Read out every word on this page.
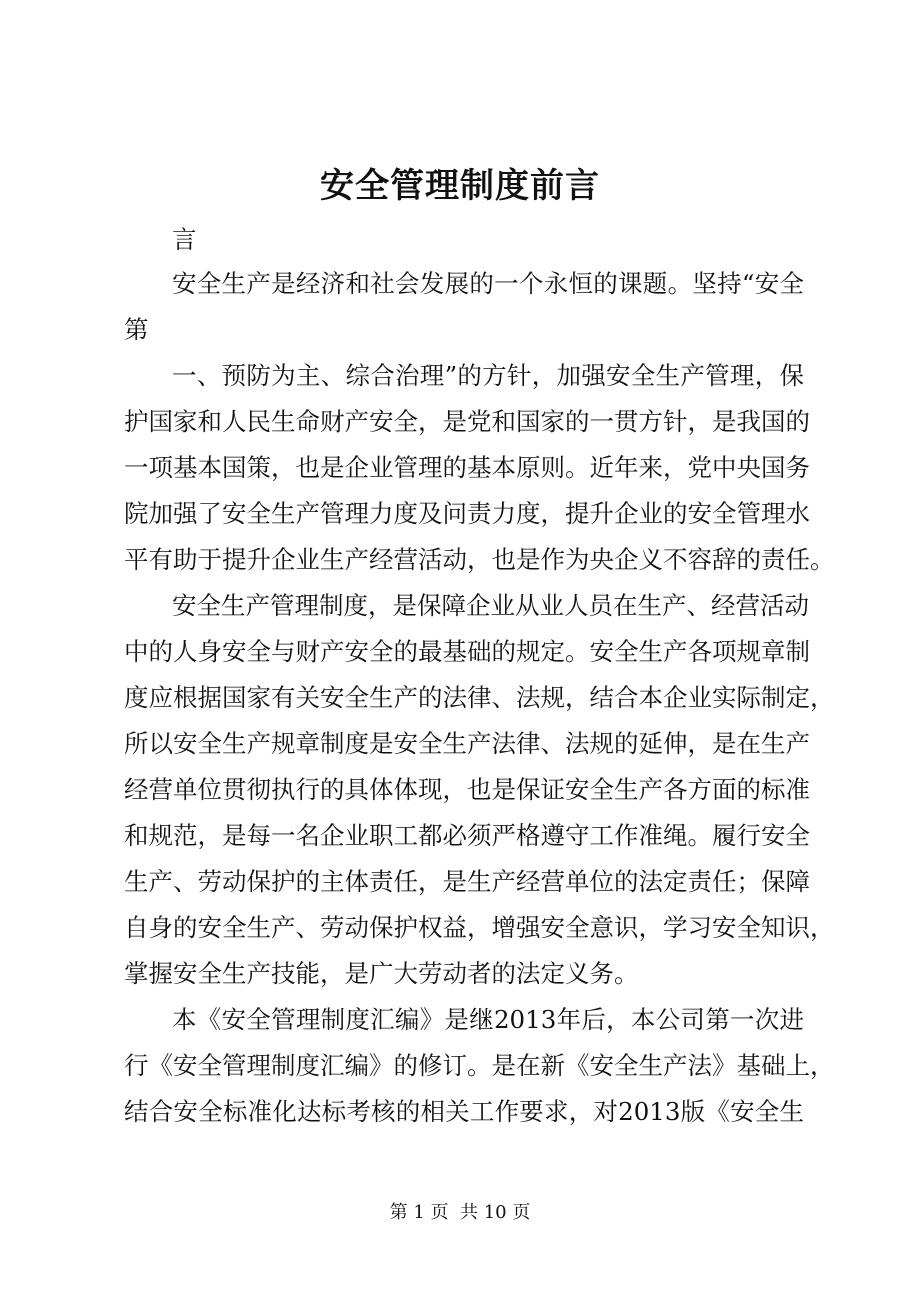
安全管理制度前言
言
安全生产是经济和社会发展的一个永恒的课题。坚持“安全
第
一、预防为主、综合治理”的方针，加强安全生产管理，保
护国家和人民生命财产安全，是党和国家的一贯方针，是我国的
一项基本国策，也是企业管理的基本原则。近年来，党中央国务
院加强了安全生产管理力度及问责力度，提升企业的安全管理水
平有助于提升企业生产经营活动，也是作为央企义不容辞的责任。
安全生产管理制度，是保障企业从业人员在生产、经营活动
中的人身安全与财产安全的最基础的规定。安全生产各项规章制
度应根据国家有关安全生产的法律、法规，结合本企业实际制定，
所以安全生产规章制度是安全生产法律、法规的延伸，是在生产
经营单位贯彻执行的具体体现，也是保证安全生产各方面的标准
和规范，是每一名企业职工都必须严格遵守工作准绳。履行安全
生产、劳动保护的主体责任，是生产经营单位的法定责任；保障
自身的安全生产、劳动保护权益，增强安全意识，学习安全知识，
掌握安全生产技能，是广大劳动者的法定义务。
本《安全管理制度汇编》是继2013年后，本公司第一次进
行《安全管理制度汇编》的修订。是在新《安全生产法》基础上，
结合安全标准化达标考核的相关工作要求，对2013版《安全生
第 1 页  共 10 页
